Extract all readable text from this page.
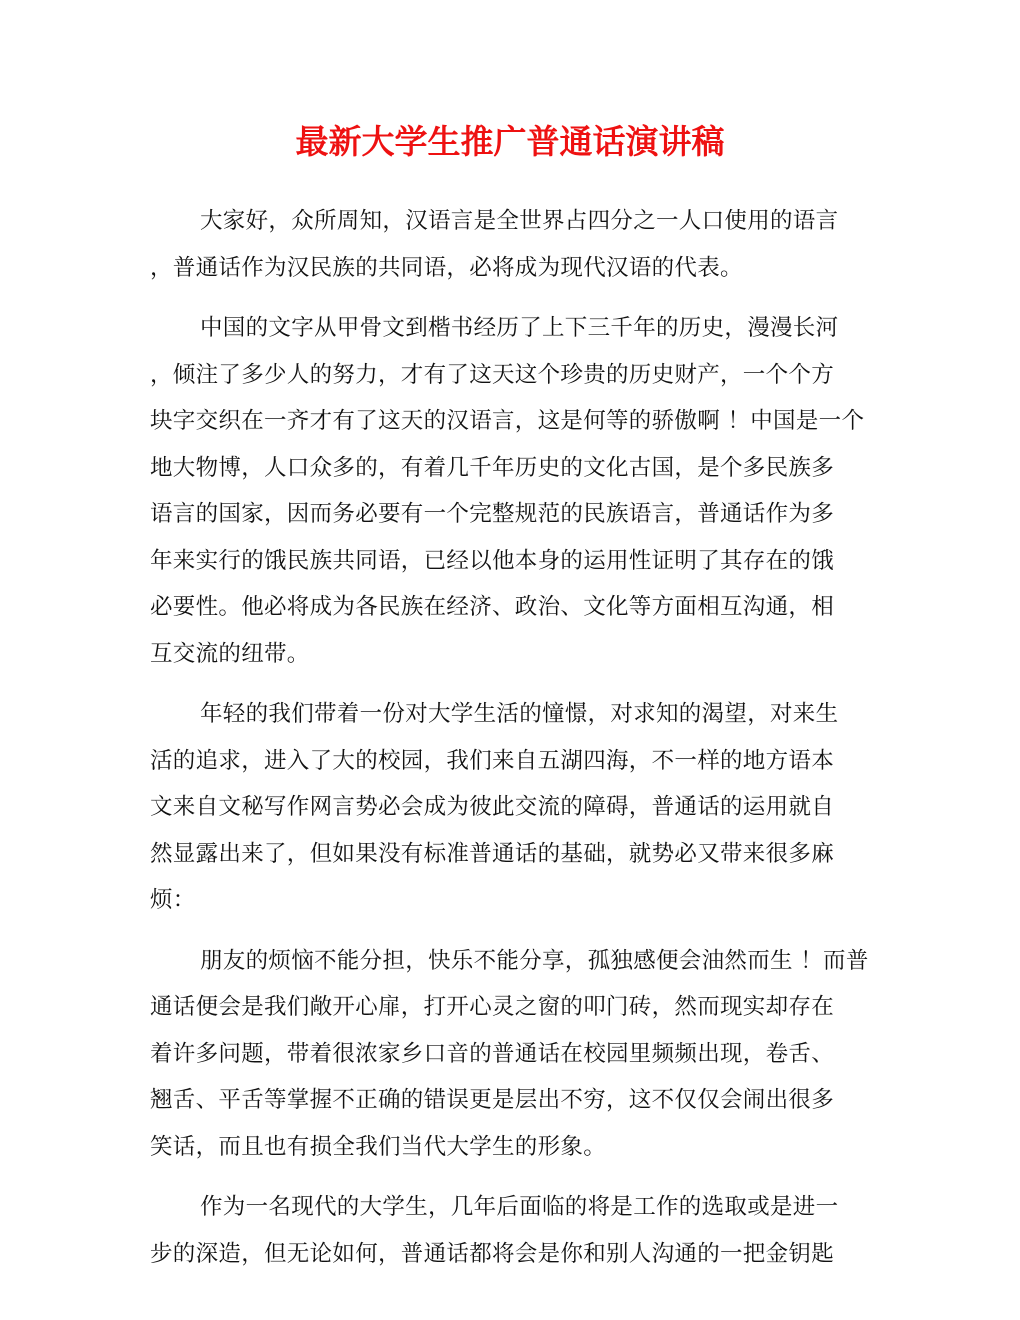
最新大学生推广普通话演讲稿
大家好，众所周知，汉语言是全世界占四分之一人口使用的语言
，普通话作为汉民族的共同语，必将成为现代汉语的代表。
中国的文字从甲骨文到楷书经历了上下三千年的历史，漫漫长河
，倾注了多少人的努力，才有了这天这个珍贵的历史财产，一个个方
块字交织在一齐才有了这天的汉语言，这是何等的骄傲啊 ！中国是一个
地大物博，人口众多的，有着几千年历史的文化古国，是个多民族多
语言的国家，因而务必要有一个完整规范的民族语言，普通话作为多
年来实行的饿民族共同语，已经以他本身的运用性证明了其存在的饿
必要性。他必将成为各民族在经济、政治、文化等方面相互沟通，相
互交流的纽带。
年轻的我们带着一份对大学生活的憧憬，对求知的渴望，对来生
活的追求，进入了大的校园，我们来自五湖四海，不一样的地方语本
文来自文秘写作网言势必会成为彼此交流的障碍，普通话的运用就自
然显露出来了，但如果没有标准普通话的基础，就势必又带来很多麻
烦：
朋友的烦恼不能分担，快乐不能分享，孤独感便会油然而生 ！而普
通话便会是我们敞开心扉，打开心灵之窗的叩门砖，然而现实却存在
着许多问题，带着很浓家乡口音的普通话在校园里频频出现，卷舌、
翘舌、平舌等掌握不正确的错误更是层出不穷，这不仅仅会闹出很多
笑话，而且也有损全我们当代大学生的形象。
作为一名现代的大学生，几年后面临的将是工作的选取或是进一
步的深造，但无论如何，普通话都将会是你和别人沟通的一把金钥匙
